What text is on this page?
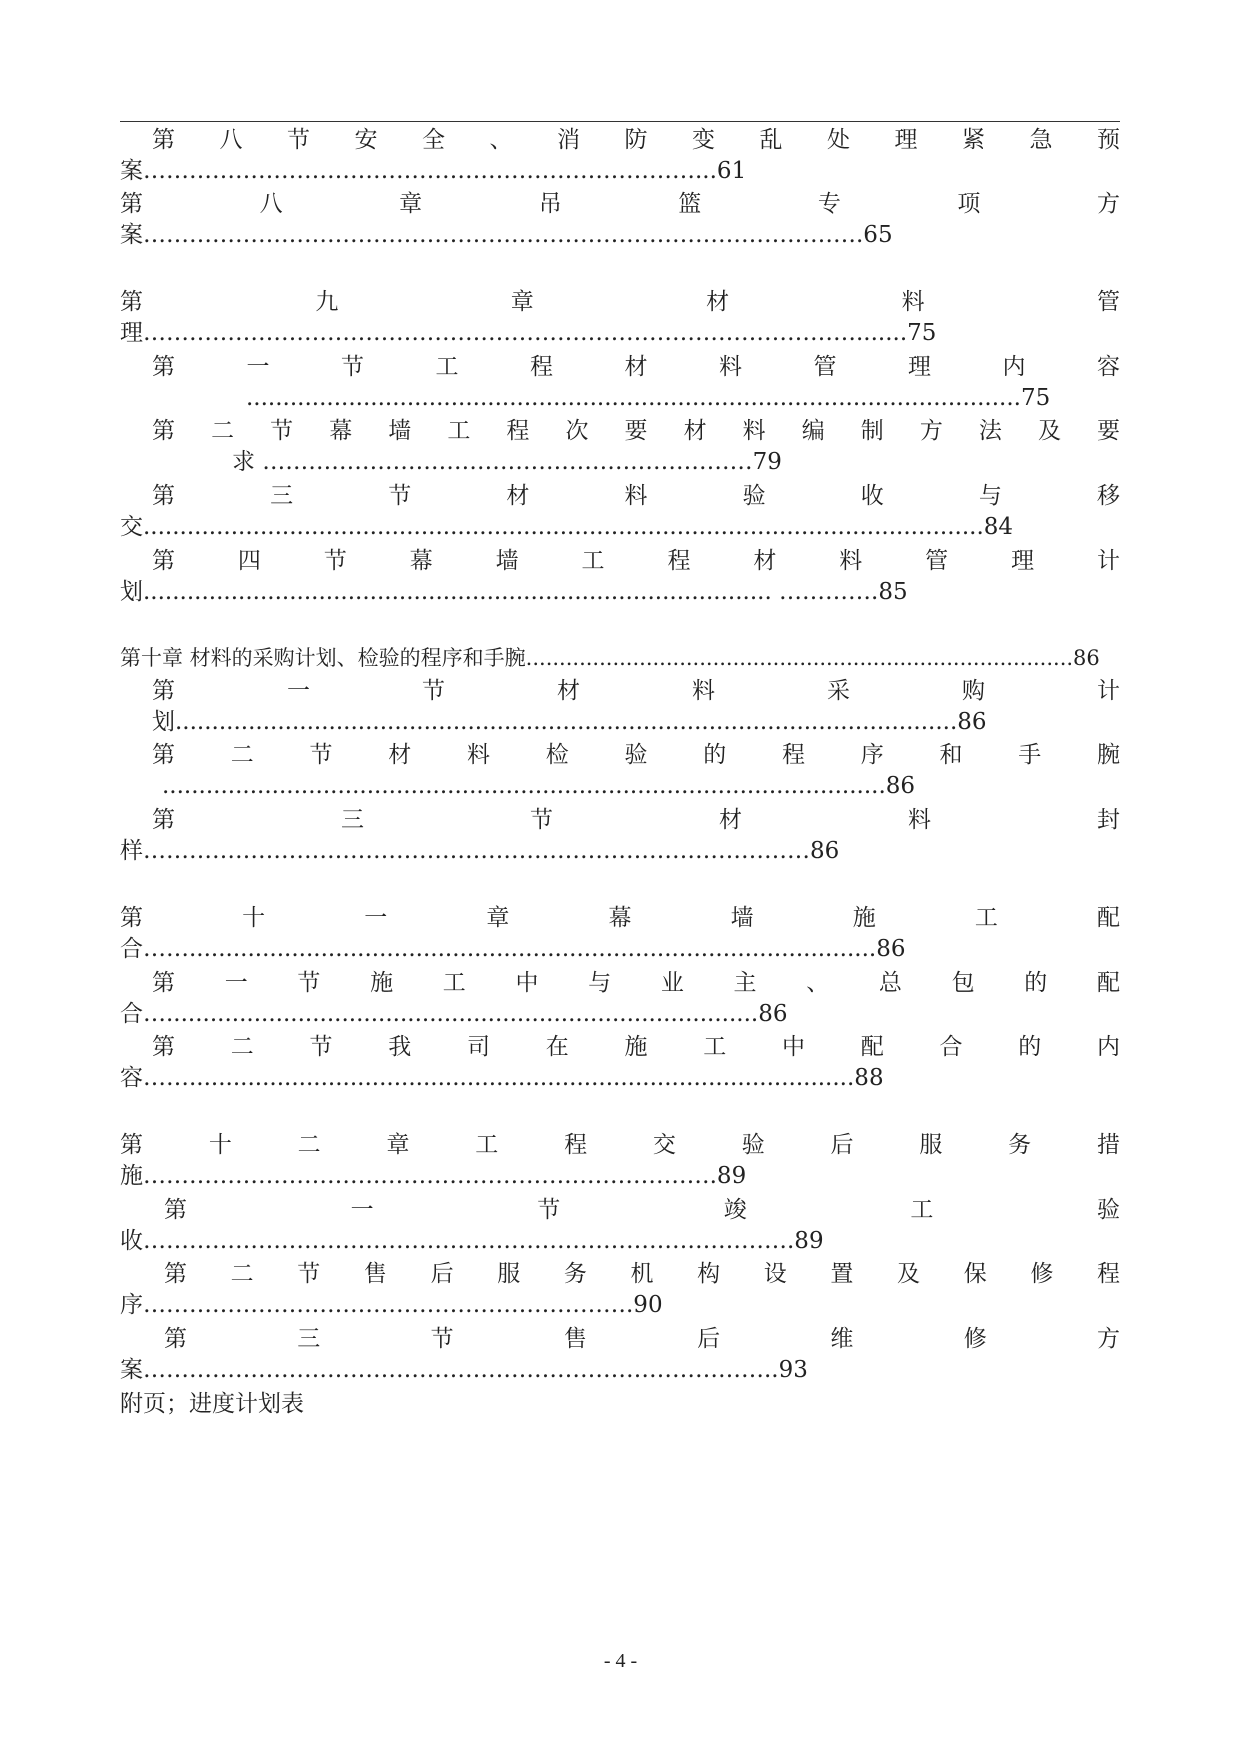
第 八 节 安 全 、 消 防 变 乱 处 理 紧 急 预
案………………………………………………………………...61
第	八	章	吊	篮	专	项	方
案………………………………………………………………………………….65
第	九	章	材	料	管
理………………………………………………………………………………….......75
第	一	节	工	程	材	料	管	理	内	容
..........................................................................................................75
第 二 节 幕 墙 工 程 次 要 材 料 编 制 方 法 及 要
求 ………………………………………….……………79
第	三	节	材	料	验	收	与	移
交...................................................................................................................84
第	四	节	幕	墙	工	程	材	料	管	理	计
划...................................................................................... ………….85
第十章 材料的采购计划、检验的程序和手腕..................................................................................86
第	一	节	材	料	采	购	计
划...........................................................................................................86
第 二 节 材 料 检 验 的 程 序 和 手 腕
...................................................................................................86
第	三	节	材	料	封
样……………………………………………………………………………86
第	十	一	章	幕	墙	施	工	配
合……..............................................................................................86
第 一 节 施 工 中 与 业 主 、 总 包 的 配
合….................................................................................86
第 二 节 我 司 在 施 工 中 配 合 的 内
容……...........................................................................................88
第	十	二	章	工	程	交	验	后	服	务	措
施………………………….…………………….……………….89
第	一	节	竣	工	验
收………………………………………………………………………….89
第 二 节 售 后 服 务 机 构 设 置 及 保 修 程
序……………………………………………………….90
第	三	节	售	后	维	修	方
案………………………………………………………………………..93
附页；进度计划表
- 4 -
